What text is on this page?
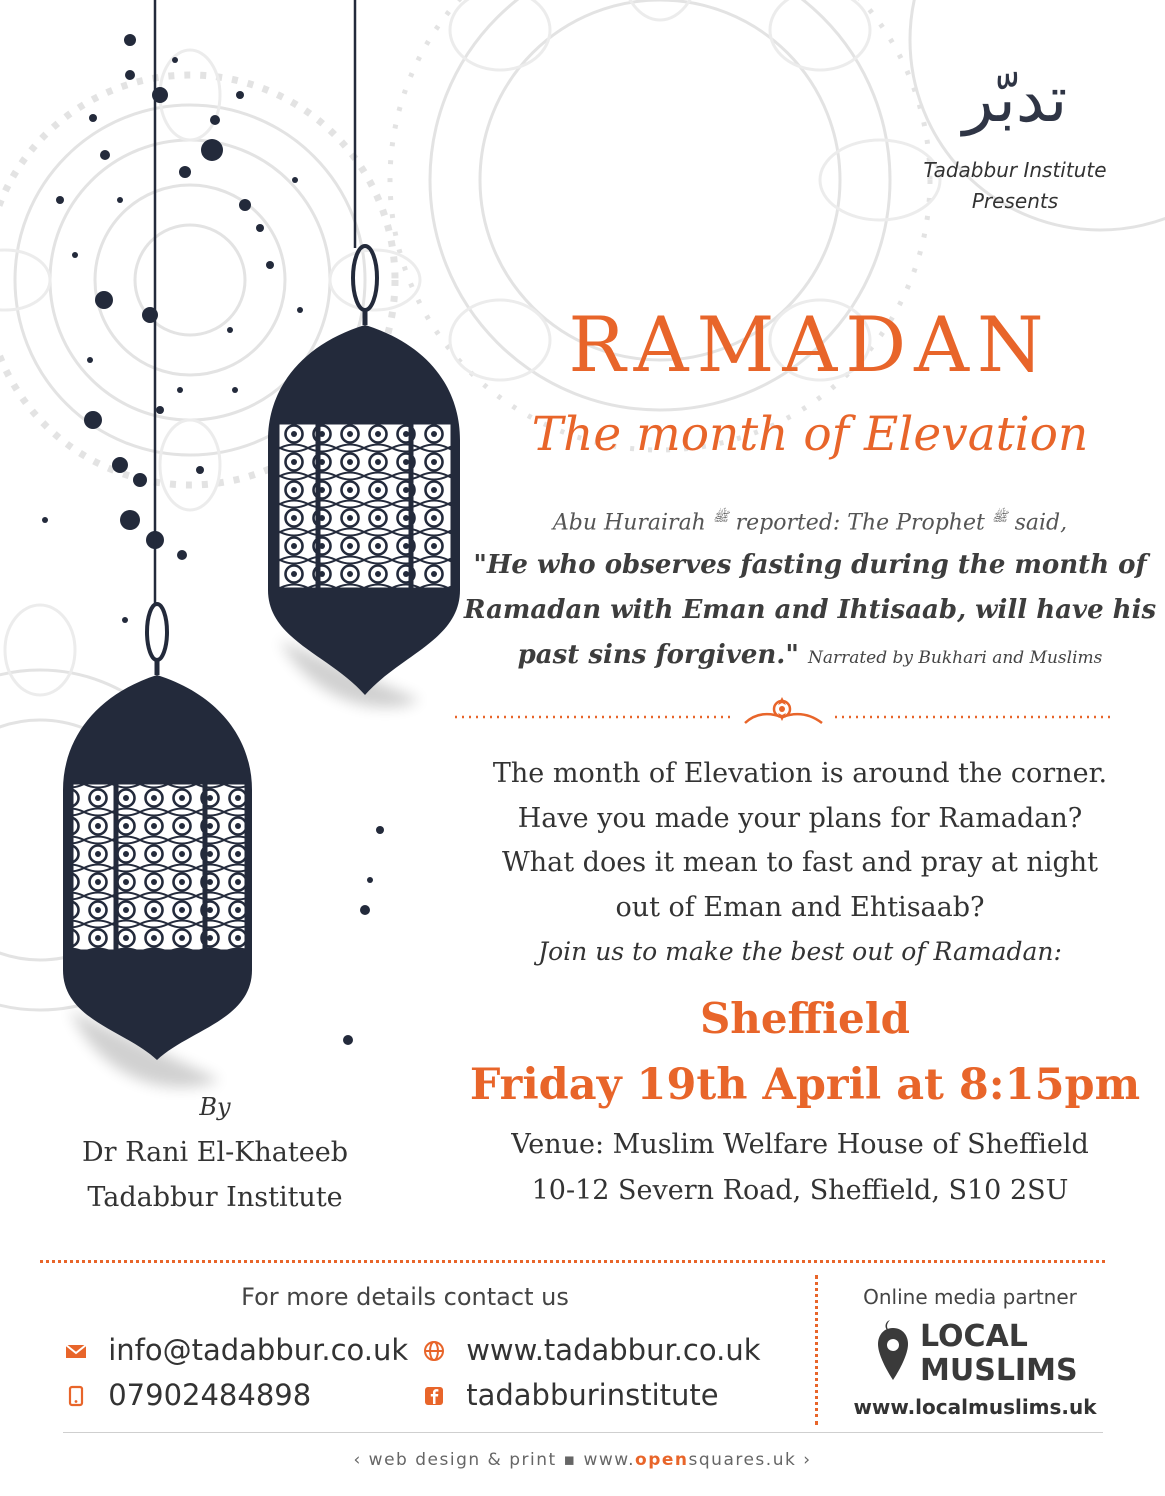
تدبّر
Tadabbur Institute
Presents
RAMADAN
The month of Elevation
Abu Hurairah $^ﷺ$ reported: The Prophet $^ﷺ$ said,
"He who observes fasting during the month of
Ramadan with Eman and Ihtisaab, will have his
past sins forgiven." Narrated by Bukhari and Muslims
The month of Elevation is around the corner.
Have you made your plans for Ramadan?
What does it mean to fast and pray at night
out of Eman and Ehtisaab?
Join us to make the best out of Ramadan:
Sheffield
Friday 19th April at 8:15pm
Venue: Muslim Welfare House of Sheffield
10-12 Severn Road, Sheffield, S10 2SU
By
Dr Rani El-Khateeb
Tadabbur Institute
For more details contact us
info@tadabbur.co.uk	www.tadabbur.co.uk
07902484898	tadabburinstitute
Online media partner
LOCAL
MUSLIMS
www.localmuslims.uk
‹ web design & print ▪ www.opensquares.uk ›
